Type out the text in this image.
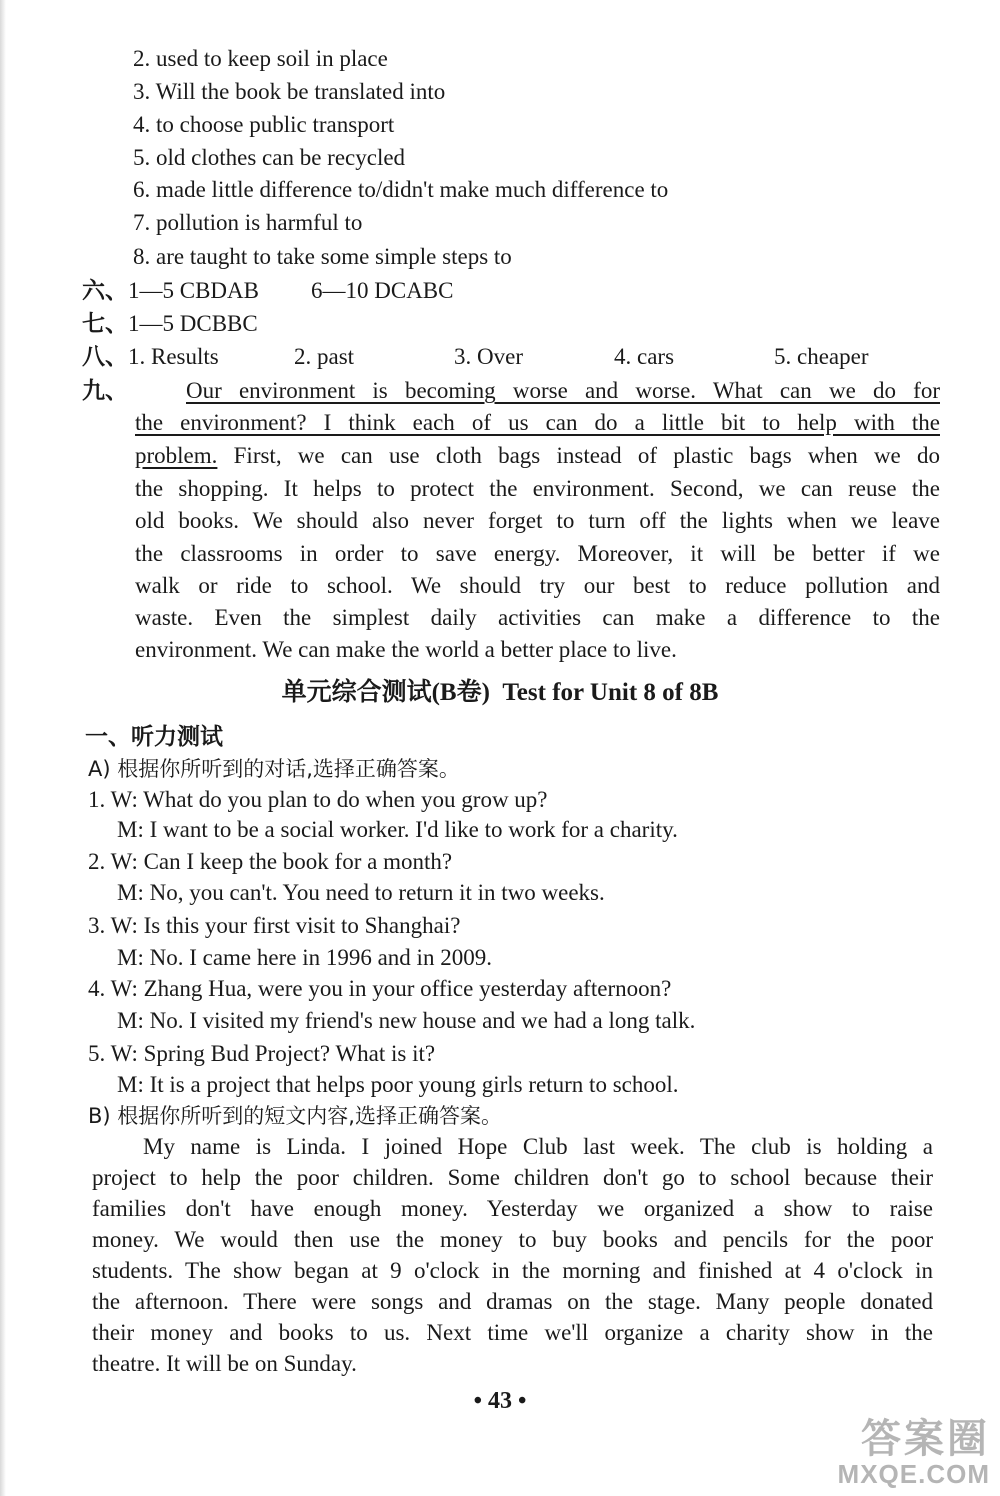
2. used to keep soil in place
3. Will the book be translated into
4. to choose public transport
5. old clothes can be recycled
6. made little difference to/didn't make much difference to
7. pollution is harmful to
8. are taught to take some simple steps to
六、1—5 CBDAB 6—10 DCABC
七、1—5 DCBBC
八、 1. Results	2. past	3. Over	4. cars	5. cheaper
九、	Our environment is becoming worse and worse. What can we do for
the environment? I think each of us can do a little bit to help with the
problem. First, we can use cloth bags instead of plastic bags when we do
the shopping. It helps to protect the environment. Second, we can reuse the
old books. We should also never forget to turn off the lights when we leave
the classrooms in order to save energy. Moreover, it will be better if we
walk or ride to school. We should try our best to reduce pollution and
waste. Even the simplest daily activities can make a difference to the
environment. We can make the world a better place to live.
单元综合测试(B卷)  Test for Unit 8 of 8B
一、听力测试
A) 根据你所听到的对话,选择正确答案。
1. W: What do you plan to do when you grow up?
M: I want to be a social worker. I'd like to work for a charity.
2. W: Can I keep the book for a month?
M: No, you can't. You need to return it in two weeks.
3. W: Is this your first visit to Shanghai?
M: No. I came here in 1996 and in 2009.
4. W: Zhang Hua, were you in your office yesterday afternoon?
M: No. I visited my friend's new house and we had a long talk.
5. W: Spring Bud Project? What is it?
M: It is a project that helps poor young girls return to school.
B) 根据你所听到的短文内容,选择正确答案。
My name is Linda. I joined Hope Club last week. The club is holding a
project to help the poor children. Some children don't go to school because their
families don't have enough money. Yesterday we organized a show to raise
money. We would then use the money to buy books and pencils for the poor
students. The show began at 9 o'clock in the morning and finished at 4 o'clock in
the afternoon. There were songs and dramas on the stage. Many people donated
their money and books to us. Next time we'll organize a charity show in the
theatre. It will be on Sunday.
• 43 •
答案圈
MXQE.COM
